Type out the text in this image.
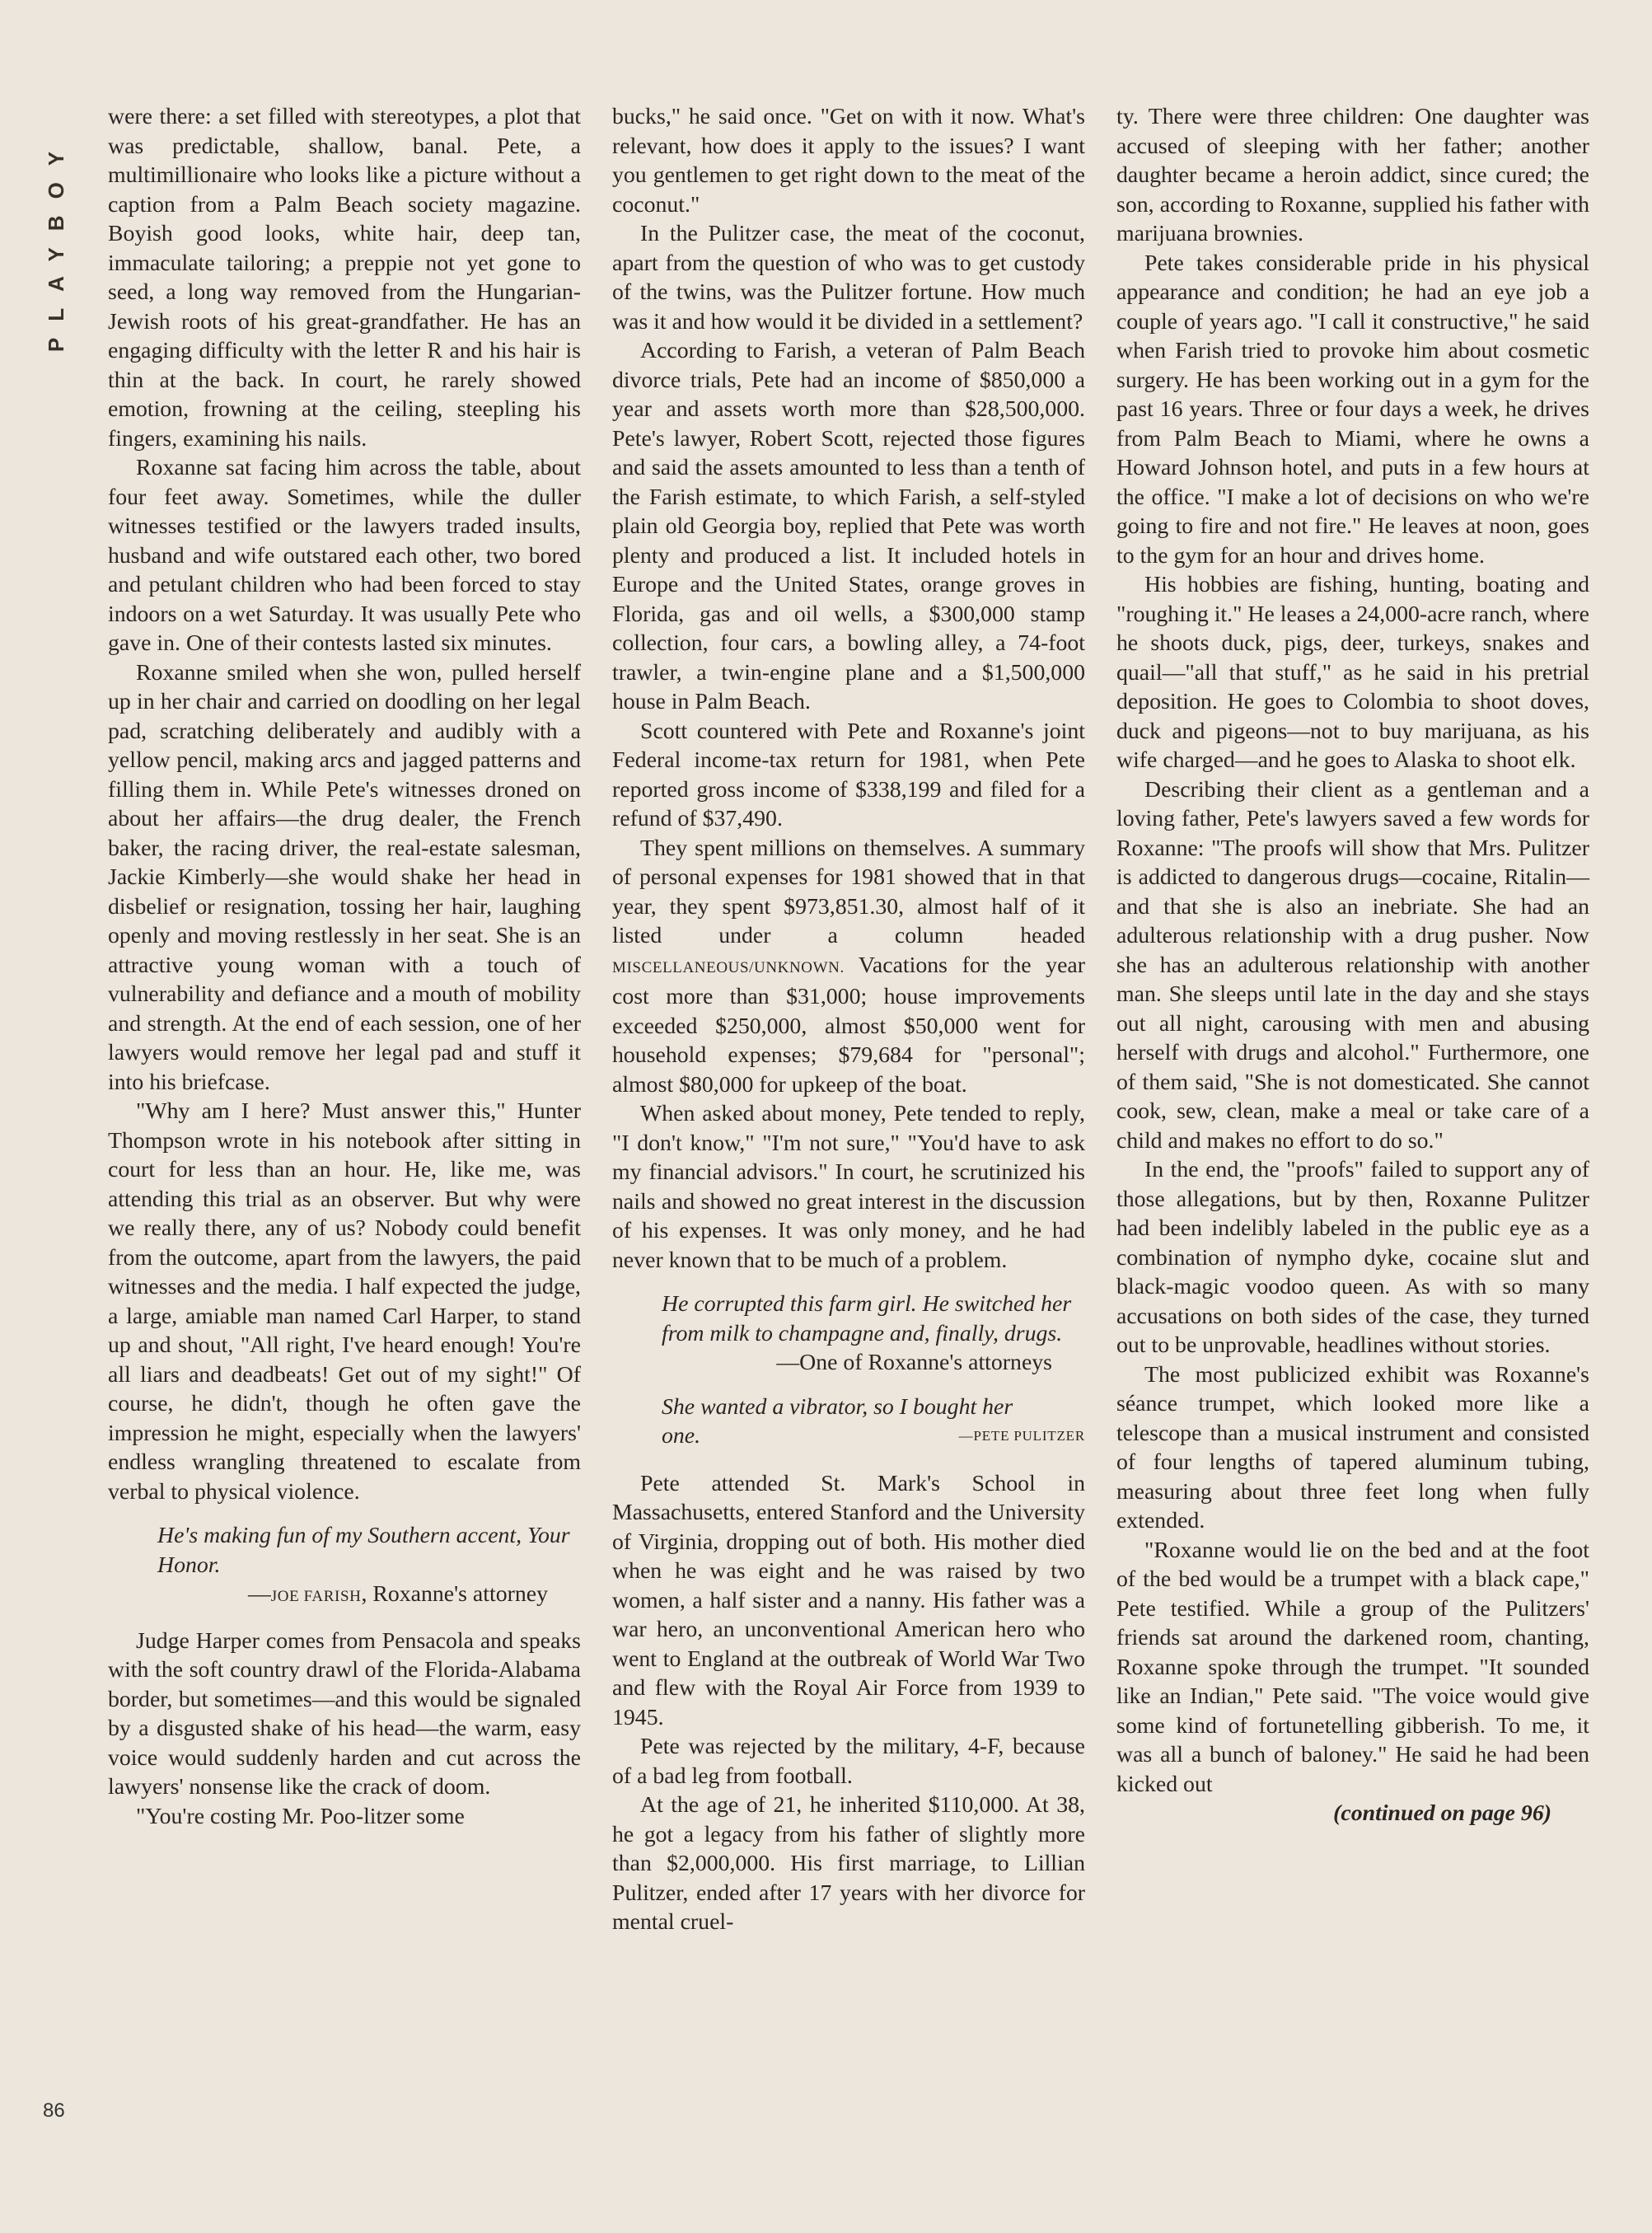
PLAYBOY

were there: a set filled with stereotypes, a plot that was predictable, shallow, banal. Pete, a multimillionaire who looks like a picture without a caption from a Palm Beach society magazine. Boyish good looks, white hair, deep tan, immaculate tailoring; a preppie not yet gone to seed, a long way removed from the Hungarian-Jewish roots of his great-grandfather. He has an engaging difficulty with the letter R and his hair is thin at the back. In court, he rarely showed emotion, frowning at the ceiling, steepling his fingers, examining his nails.

Roxanne sat facing him across the table, about four feet away. Sometimes, while the duller witnesses testified or the lawyers traded insults, husband and wife outstared each other, two bored and petulant children who had been forced to stay indoors on a wet Saturday. It was usually Pete who gave in. One of their contests lasted six minutes.

Roxanne smiled when she won, pulled herself up in her chair and carried on doodling on her legal pad, scratching deliberately and audibly with a yellow pencil, making arcs and jagged patterns and filling them in. While Pete's witnesses droned on about her affairs—the drug dealer, the French baker, the racing driver, the real-estate salesman, Jackie Kimberly—she would shake her head in disbelief or resignation, tossing her hair, laughing openly and moving restlessly in her seat. She is an attractive young woman with a touch of vulnerability and defiance and a mouth of mobility and strength. At the end of each session, one of her lawyers would remove her legal pad and stuff it into his briefcase.

"Why am I here? Must answer this," Hunter Thompson wrote in his notebook after sitting in court for less than an hour. He, like me, was attending this trial as an observer. But why were we really there, any of us? Nobody could benefit from the outcome, apart from the lawyers, the paid witnesses and the media. I half expected the judge, a large, amiable man named Carl Harper, to stand up and shout, "All right, I've heard enough! You're all liars and deadbeats! Get out of my sight!" Of course, he didn't, though he often gave the impression he might, especially when the lawyers' endless wrangling threatened to escalate from verbal to physical violence.

He's making fun of my Southern accent, Your Honor.
—JOE FARISH, Roxanne's attorney

Judge Harper comes from Pensacola and speaks with the soft country drawl of the Florida-Alabama border, but sometimes—and this would be signaled by a disgusted shake of his head—the warm, easy voice would suddenly harden and cut across the lawyers' nonsense like the crack of doom.

"You're costing Mr. Poo-litzer some

bucks," he said once. "Get on with it now. What's relevant, how does it apply to the issues? I want you gentlemen to get right down to the meat of the coconut."

In the Pulitzer case, the meat of the coconut, apart from the question of who was to get custody of the twins, was the Pulitzer fortune. How much was it and how would it be divided in a settlement?

According to Farish, a veteran of Palm Beach divorce trials, Pete had an income of $850,000 a year and assets worth more than $28,500,000. Pete's lawyer, Robert Scott, rejected those figures and said the assets amounted to less than a tenth of the Farish estimate, to which Farish, a self-styled plain old Georgia boy, replied that Pete was worth plenty and produced a list. It included hotels in Europe and the United States, orange groves in Florida, gas and oil wells, a $300,000 stamp collection, four cars, a bowling alley, a 74-foot trawler, a twin-engine plane and a $1,500,000 house in Palm Beach.

Scott countered with Pete and Roxanne's joint Federal income-tax return for 1981, when Pete reported gross income of $338,199 and filed for a refund of $37,490.

They spent millions on themselves. A summary of personal expenses for 1981 showed that in that year, they spent $973,851.30, almost half of it listed under a column headed MISCELLANEOUS/UNKNOWN. Vacations for the year cost more than $31,000; house improvements exceeded $250,000, almost $50,000 went for household expenses; $79,684 for "personal"; almost $80,000 for upkeep of the boat.

When asked about money, Pete tended to reply, "I don't know," "I'm not sure," "You'd have to ask my financial advisors." In court, he scrutinized his nails and showed no great interest in the discussion of his expenses. It was only money, and he had never known that to be much of a problem.

He corrupted this farm girl. He switched her from milk to champagne and, finally, drugs.
—One of Roxanne's attorneys
She wanted a vibrator, so I bought her
one.	—PETE PULITZER

Pete attended St. Mark's School in Massachusetts, entered Stanford and the University of Virginia, dropping out of both. His mother died when he was eight and he was raised by two women, a half sister and a nanny. His father was a war hero, an unconventional American hero who went to England at the outbreak of World War Two and flew with the Royal Air Force from 1939 to 1945.

Pete was rejected by the military, 4-F, because of a bad leg from football.

At the age of 21, he inherited $110,000. At 38, he got a legacy from his father of slightly more than $2,000,000. His first marriage, to Lillian Pulitzer, ended after 17 years with her divorce for mental cruel-

ty. There were three children: One daughter was accused of sleeping with her father; another daughter became a heroin addict, since cured; the son, according to Roxanne, supplied his father with marijuana brownies.

Pete takes considerable pride in his physical appearance and condition; he had an eye job a couple of years ago. "I call it constructive," he said when Farish tried to provoke him about cosmetic surgery. He has been working out in a gym for the past 16 years. Three or four days a week, he drives from Palm Beach to Miami, where he owns a Howard Johnson hotel, and puts in a few hours at the office. "I make a lot of decisions on who we're going to fire and not fire." He leaves at noon, goes to the gym for an hour and drives home.

His hobbies are fishing, hunting, boating and "roughing it." He leases a 24,000-acre ranch, where he shoots duck, pigs, deer, turkeys, snakes and quail—"all that stuff," as he said in his pretrial deposition. He goes to Colombia to shoot doves, duck and pigeons—not to buy marijuana, as his wife charged—and he goes to Alaska to shoot elk.

Describing their client as a gentleman and a loving father, Pete's lawyers saved a few words for Roxanne: "The proofs will show that Mrs. Pulitzer is addicted to dangerous drugs—cocaine, Ritalin—and that she is also an inebriate. She had an adulterous relationship with a drug pusher. Now she has an adulterous relationship with another man. She sleeps until late in the day and she stays out all night, carousing with men and abusing herself with drugs and alcohol." Furthermore, one of them said, "She is not domesticated. She cannot cook, sew, clean, make a meal or take care of a child and makes no effort to do so."

In the end, the "proofs" failed to support any of those allegations, but by then, Roxanne Pulitzer had been indelibly labeled in the public eye as a combination of nympho dyke, cocaine slut and black-magic voodoo queen. As with so many accusations on both sides of the case, they turned out to be unprovable, headlines without stories.

The most publicized exhibit was Roxanne's séance trumpet, which looked more like a telescope than a musical instrument and consisted of four lengths of tapered aluminum tubing, measuring about three feet long when fully extended.

"Roxanne would lie on the bed and at the foot of the bed would be a trumpet with a black cape," Pete testified. While a group of the Pulitzers' friends sat around the darkened room, chanting, Roxanne spoke through the trumpet. "It sounded like an Indian," Pete said. "The voice would give some kind of fortunetelling gibberish. To me, it was all a bunch of baloney." He said he had been kicked out

(continued on page 96)
86
